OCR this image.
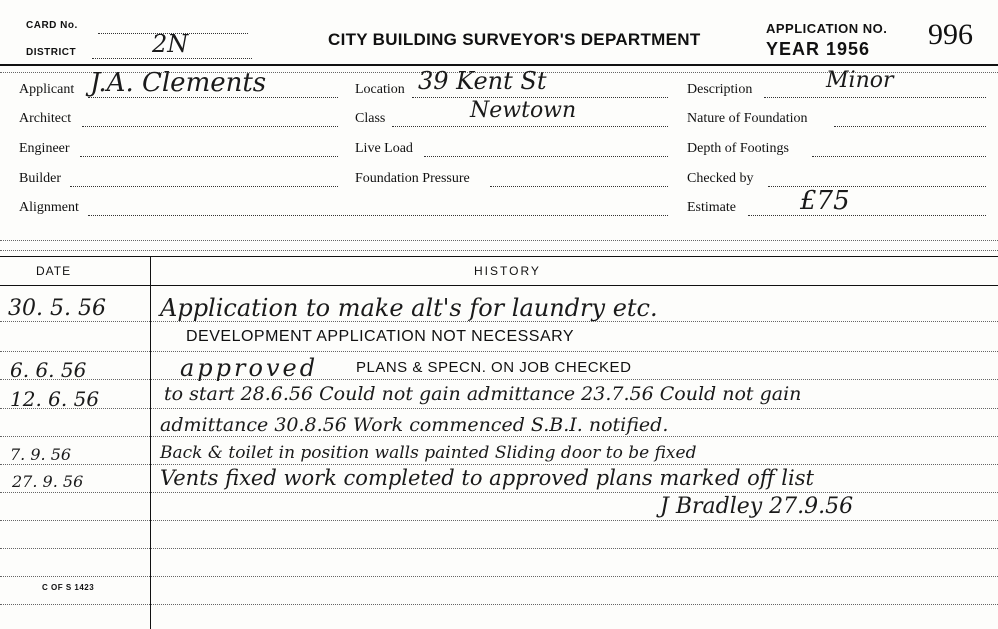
CARD No.
DISTRICT	2N	CITY BUILDING SURVEYOR'S DEPARTMENT
APPLICATION NO.
YEAR 1956 996
Applicant J.A. Clements
Architect
Engineer
Builder
Alignment
Location 39 Kent St
Class	Newtown
Live Load
Foundation Pressure
Description	Minor
Nature of Foundation
Depth of Footings
Checked by
Estimate £75
DATE	HISTORY
30. 5. 56 Application to make alt's for laundry etc.
DEVELOPMENT APPLICATION NOT NECESSARY
6. 6. 56	approved	PLANS & SPECN. ON JOB CHECKED
12. 6. 56	to start 28.6.56 Could not gain admittance 23.7.56 Could not gain
admittance 30.8.56 Work commenced S.B.I. notified.
7. 9. 56	Back & toilet in position walls painted Sliding door to be fixed
27. 9. 56	Vents fixed work completed to approved plans marked off list
J Bradley 27.9.56
C OF S 1423
